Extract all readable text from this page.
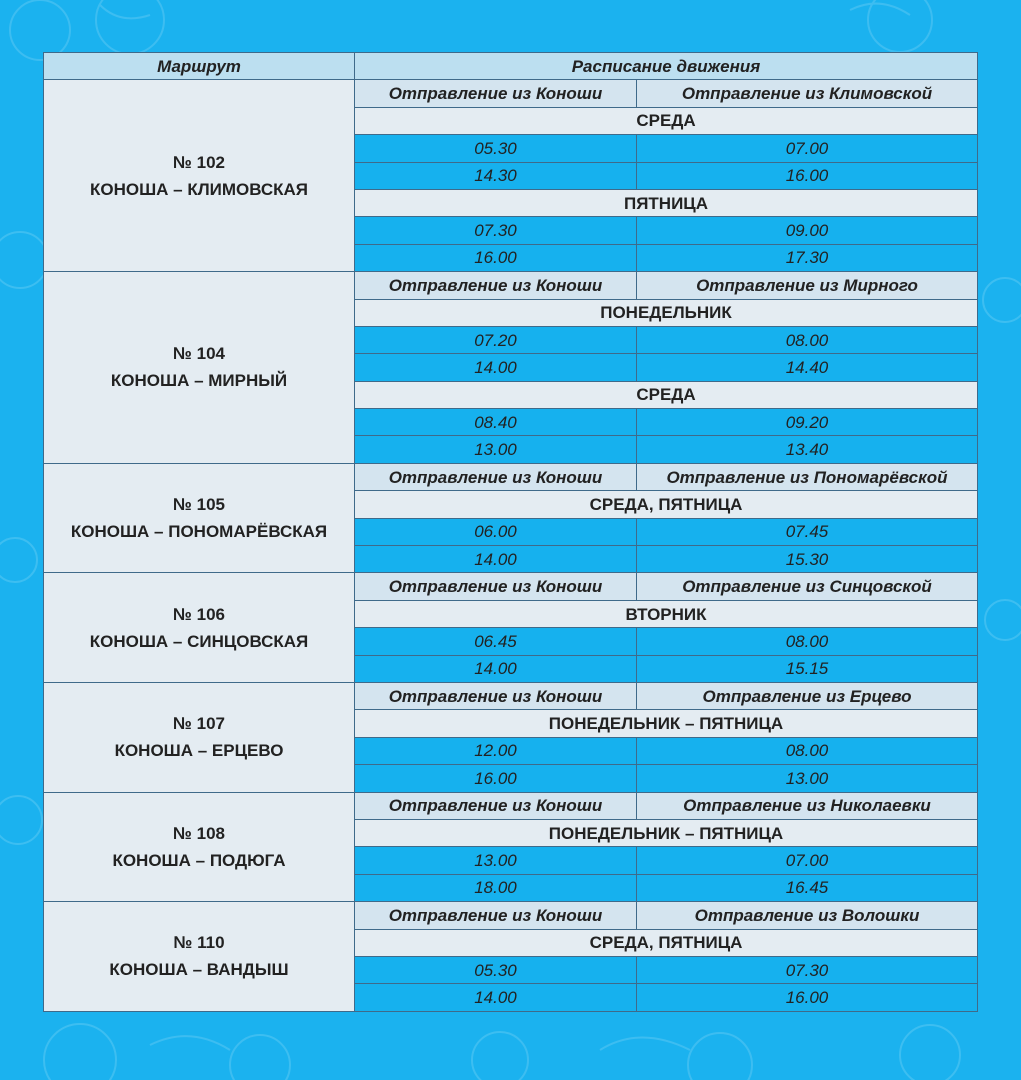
Маршрут	Расписание движения	

№ 102
КОНОША – КЛИМОВСКАЯ	Отправление из Коноши	Отправление из Климовской
	СРЕДА	
	05.30	07.00
	14.30	16.00
	ПЯТНИЦА	
	07.30	09.00
	16.00	17.30

№ 104
КОНОША – МИРНЫЙ	Отправление из Коноши	Отправление из Мирного
	ПОНЕДЕЛЬНИК	
	07.20	08.00
	14.00	14.40
	СРЕДА	
	08.40	09.20
	13.00	13.40

№ 105
КОНОША – ПОНОМАРЁВСКАЯ	Отправление из Коноши	Отправление из Пономарёвской
	СРЕДА, ПЯТНИЦА	
	06.00	07.45
	14.00	15.30

№ 106
КОНОША – СИНЦОВСКАЯ	Отправление из Коноши	Отправление из Синцовской
	ВТОРНИК	
	06.45	08.00
	14.00	15.15

№ 107
КОНОША – ЕРЦЕВО	Отправление из Коноши	Отправление из Ерцево
	ПОНЕДЕЛЬНИК – ПЯТНИЦА	
	12.00	08.00
	16.00	13.00

№ 108
КОНОША – ПОДЮГА	Отправление из Коноши	Отправление из Николаевки
	ПОНЕДЕЛЬНИК – ПЯТНИЦА	
	13.00	07.00
	18.00	16.45

№ 110
КОНОША – ВАНДЫШ	Отправление из Коноши	Отправление из Волошки
	СРЕДА, ПЯТНИЦА	
	05.30	07.30
	14.00	16.00
